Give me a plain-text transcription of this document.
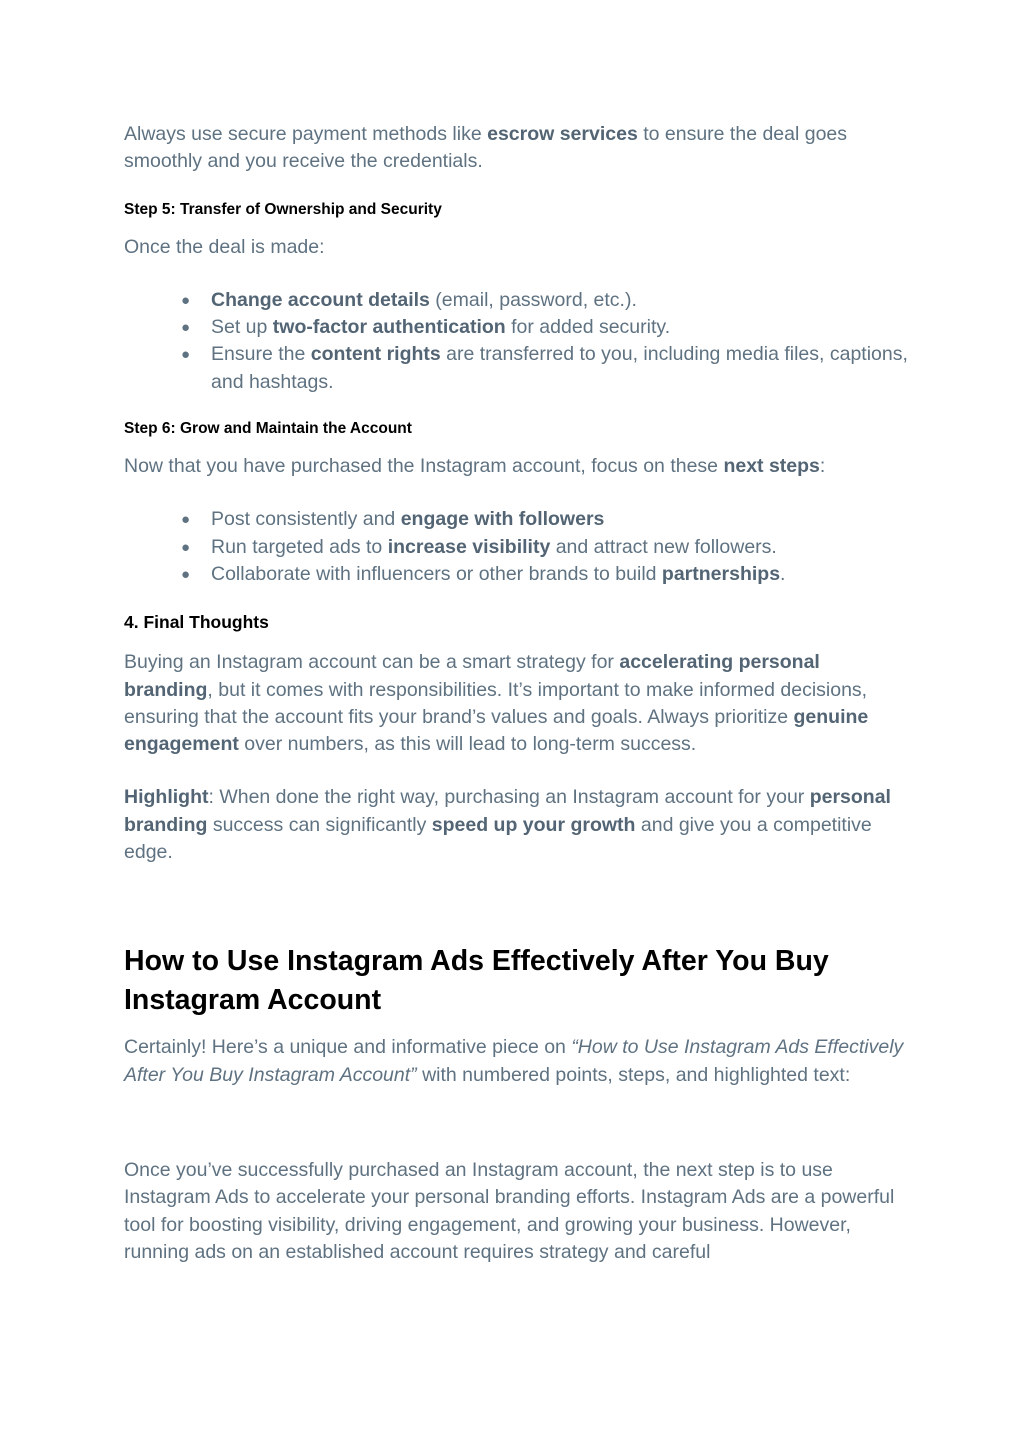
Always use secure payment methods like escrow services to ensure the deal goes smoothly and you receive the credentials.

Step 5: Transfer of Ownership and Security

Once the deal is made:

● Change account details (email, password, etc.).
● Set up two-factor authentication for added security.
● Ensure the content rights are transferred to you, including media files, captions, and hashtags.
Step 6: Grow and Maintain the Account

Now that you have purchased the Instagram account, focus on these next steps:

● Post consistently and engage with followers
● Run targeted ads to increase visibility and attract new followers.
● Collaborate with influencers or other brands to build partnerships.
4. Final Thoughts

Buying an Instagram account can be a smart strategy for accelerating personal branding, but it comes with responsibilities. It’s important to make informed decisions, ensuring that the account fits your brand’s values and goals. Always prioritize genuine engagement over numbers, as this will lead to long-term success.

Highlight: When done the right way, purchasing an Instagram account for your personal branding success can significantly speed up your growth and give you a competitive edge.

How to Use Instagram Ads Effectively After You Buy Instagram Account

Certainly! Here’s a unique and informative piece on “How to Use Instagram Ads Effectively After You Buy Instagram Account” with numbered points, steps, and highlighted text:

Once you’ve successfully purchased an Instagram account, the next step is to use Instagram Ads to accelerate your personal branding efforts. Instagram Ads are a powerful tool for boosting visibility, driving engagement, and growing your business. However, running ads on an established account requires strategy and careful
